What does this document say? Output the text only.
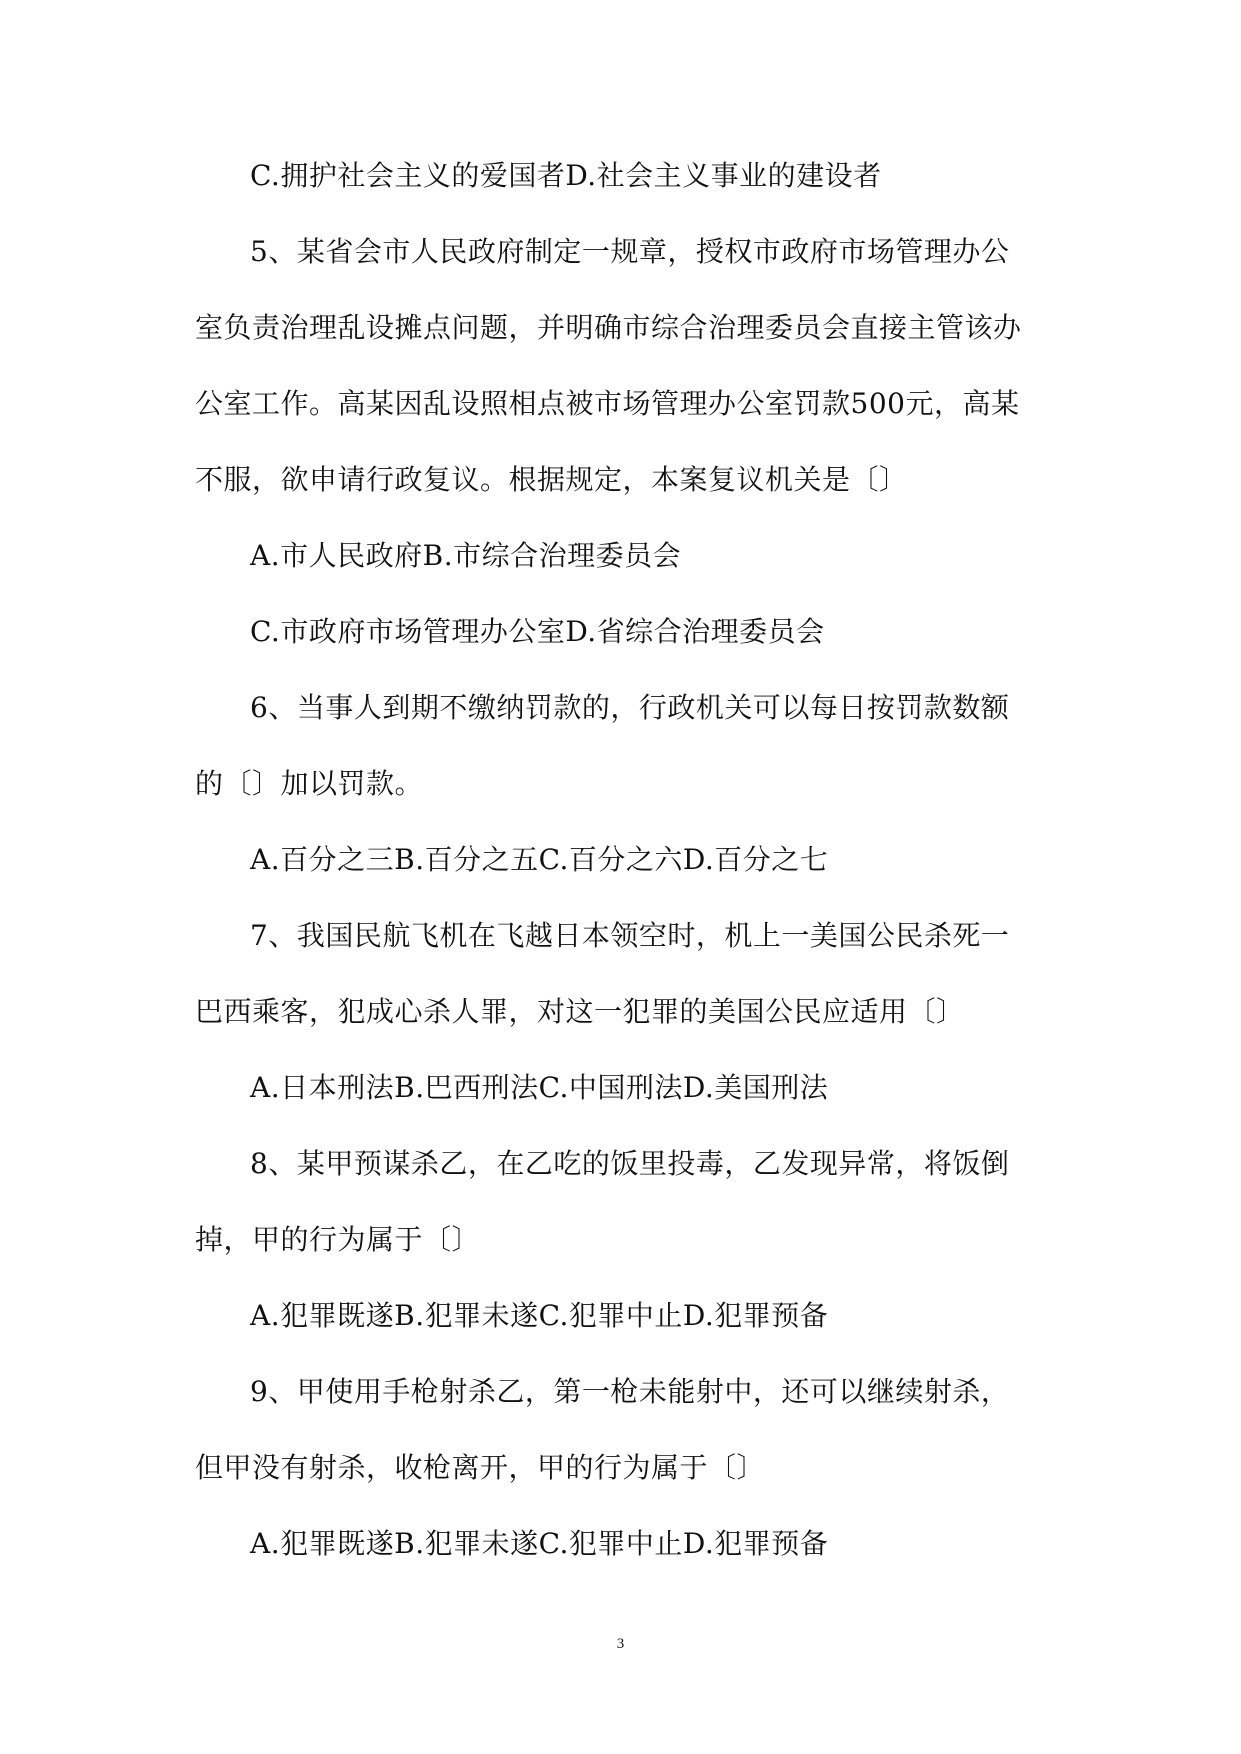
C.拥护社会主义的爱国者D.社会主义事业的建设者
5、某省会市人民政府制定一规章，授权市政府市场管理办公
室负责治理乱设摊点问题，并明确市综合治理委员会直接主管该办
公室工作。高某因乱设照相点被市场管理办公室罚款500元，高某
不服，欲申请行政复议。根据规定，本案复议机关是〔〕
A.市人民政府B.市综合治理委员会
C.市政府市场管理办公室D.省综合治理委员会
6、当事人到期不缴纳罚款的，行政机关可以每日按罚款数额
的〔〕加以罚款。
A.百分之三B.百分之五C.百分之六D.百分之七
7、我国民航飞机在飞越日本领空时，机上一美国公民杀死一
巴西乘客，犯成心杀人罪，对这一犯罪的美国公民应适用〔〕
A.日本刑法B.巴西刑法C.中国刑法D.美国刑法
8、某甲预谋杀乙，在乙吃的饭里投毒，乙发现异常，将饭倒
掉，甲的行为属于〔〕
A.犯罪既遂B.犯罪未遂C.犯罪中止D.犯罪预备
9、甲使用手枪射杀乙，第一枪未能射中，还可以继续射杀，
但甲没有射杀，收枪离开，甲的行为属于〔〕
A.犯罪既遂B.犯罪未遂C.犯罪中止D.犯罪预备
3
